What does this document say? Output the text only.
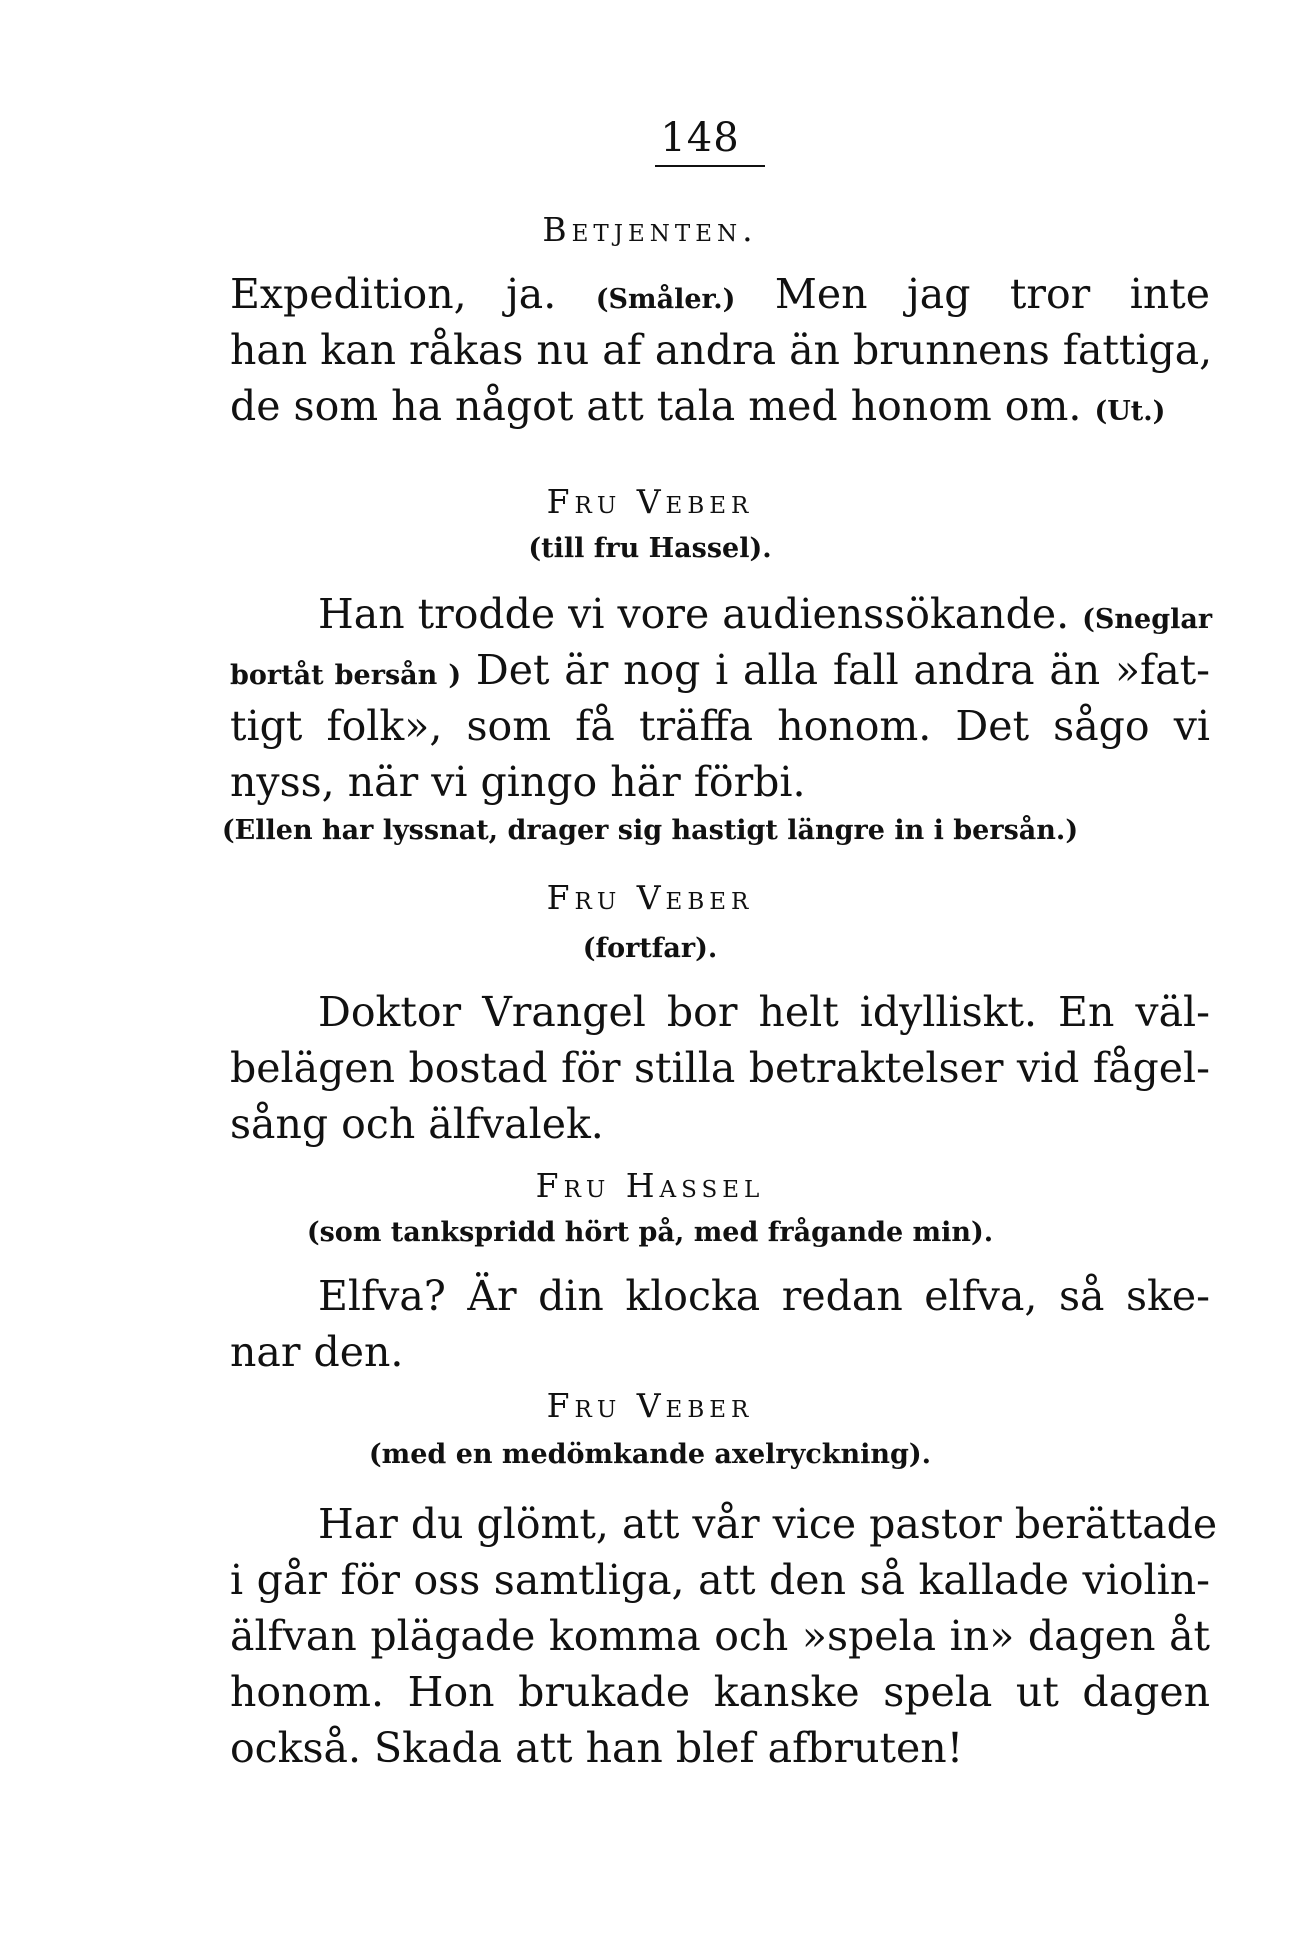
148
Betjenten.
Expedition, ja. (Småler.) Men jag tror inte
han kan råkas nu af andra än brunnens fattiga,
de som ha något att tala med honom om. (Ut.)
Fru Veber
(till fru Hassel).
Han trodde vi vore audienssökande. (Sneglar
bortåt bersån ) Det är nog i alla fall andra än »fat-
tigt folk», som få träffa honom. Det sågo vi
nyss, när vi gingo här förbi.
(Ellen har lyssnat, drager sig hastigt längre in i bersån.)
Fru Veber
(fortfar).
Doktor Vrangel bor helt idylliskt. En väl-
belägen bostad för stilla betraktelser vid fågel-
sång och älfvalek.
Fru Hassel
(som tankspridd hört på, med frågande min).
Elfva? Är din klocka redan elfva, så ske-
nar den.
Fru Veber
(med en medömkande axelryckning).
Har du glömt, att vår vice pastor berättade
i går för oss samtliga, att den så kallade violin-
älfvan plägade komma och »spela in» dagen åt
honom. Hon brukade kanske spela ut dagen
också. Skada att han blef afbruten!
